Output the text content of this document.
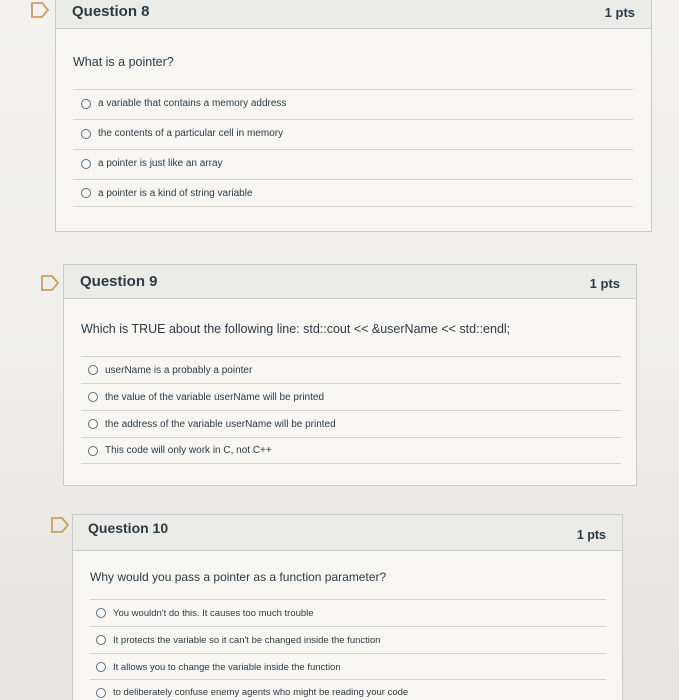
Question 8	1 pts
What is a pointer?
a variable that contains a memory address
the contents of a particular cell in memory
a pointer is just like an array
a pointer is a kind of string variable
Question 9	1 pts
Which is TRUE about the following line: std::cout << &userName << std::endl;
userName is a probably a pointer
the value of the variable userName will be printed
the address of the variable userName will be printed
This code will only work in C, not C++
Question 10	1 pts
Why would you pass a pointer as a function parameter?
You wouldn't do this. It causes too much trouble
It protects the variable so it can't be changed inside the function
It allows you to change the variable inside the function
to deliberately confuse enemy agents who might be reading your code
